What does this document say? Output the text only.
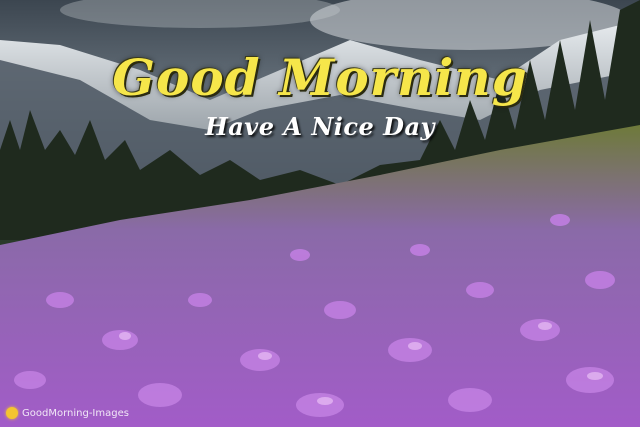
Good Morning
Have A Nice Day
GoodMorning-Images
